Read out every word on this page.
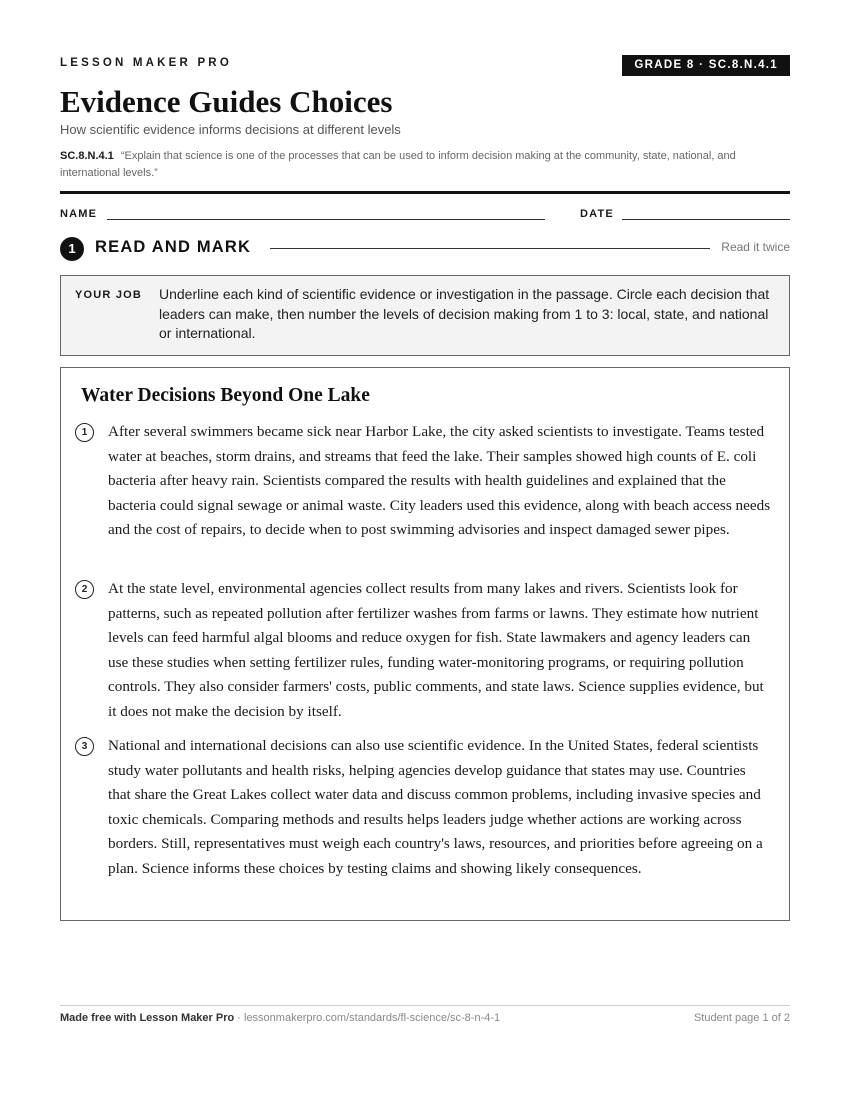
LESSON MAKER PRO	GRADE 8 · SC.8.N.4.1
Evidence Guides Choices
How scientific evidence informs decisions at different levels
SC.8.N.4.1 “Explain that science is one of the processes that can be used to inform decision making at the community, state, national, and international levels.”
NAME	DATE
1	READ AND MARK	Read it twice
YOUR JOB Underline each kind of scientific evidence or investigation in the passage. Circle each decision that leaders can make, then number the levels of decision making from 1 to 3: local, state, and national or international.
Water Decisions Beyond One Lake
1	After several swimmers became sick near Harbor Lake, the city asked scientists to investigate. Teams tested water at beaches, storm drains, and streams that feed the lake. Their samples showed high counts of E. coli bacteria after heavy rain. Scientists compared the results with health guidelines and explained that the bacteria could signal sewage or animal waste. City leaders used this evidence, along with beach access needs and the cost of repairs, to decide when to post swimming advisories and inspect damaged sewer pipes.

2	At the state level, environmental agencies collect results from many lakes and rivers. Scientists look for patterns, such as repeated pollution after fertilizer washes from farms or lawns. They estimate how nutrient levels can feed harmful algal blooms and reduce oxygen for fish. State lawmakers and agency leaders can use these studies when setting fertilizer rules, funding water-monitoring programs, or requiring pollution controls. They also consider farmers' costs, public comments, and state laws. Science supplies evidence, but it does not make the decision by itself.

3	National and international decisions can also use scientific evidence. In the United States, federal scientists study water pollutants and health risks, helping agencies develop guidance that states may use. Countries that share the Great Lakes collect water data and discuss common problems, including invasive species and toxic chemicals. Comparing methods and results helps leaders judge whether actions are working across borders. Still, representatives must weigh each country's laws, resources, and priorities before agreeing on a plan. Science informs these choices by testing claims and showing likely consequences.

Made free with Lesson Maker Pro · lessonmakerpro.com/standards/fl-science/sc-8-n-4-1	Student page 1 of 2
